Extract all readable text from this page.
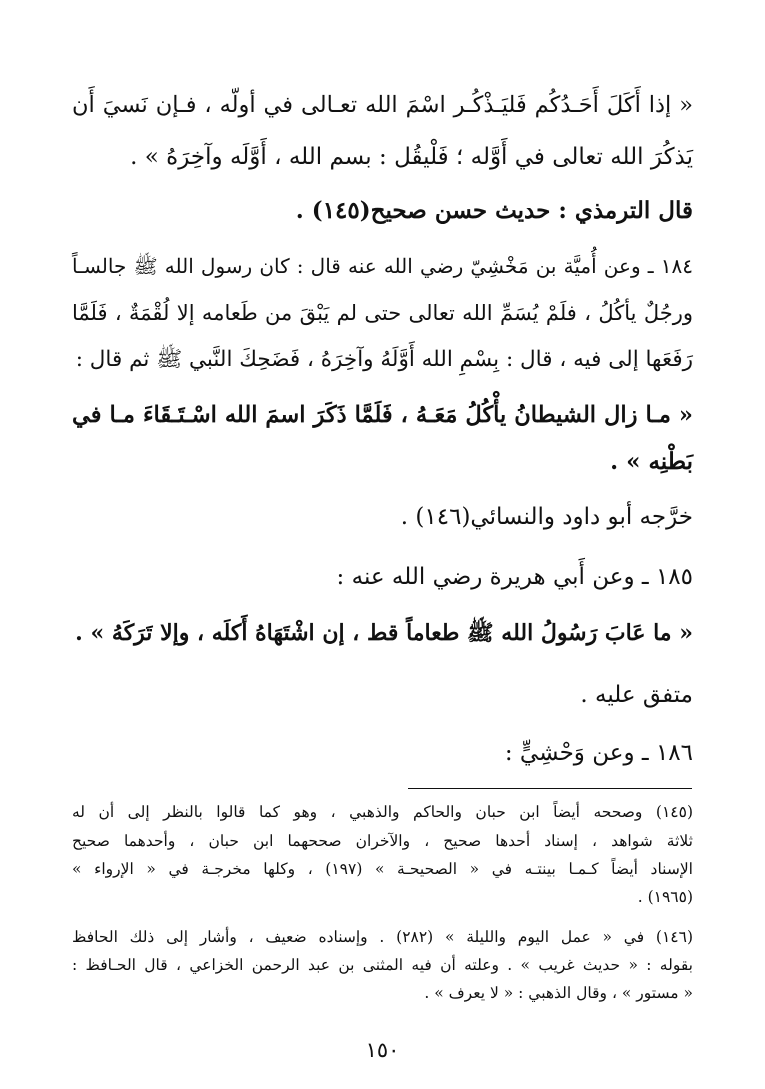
« إذا أَكَلَ أَحَـدُكُم فَليَـذْكُـر اسْمَ الله تعـالى في أولّه ، فـإن نَسيَ أَن
يَذكُرَ الله تعالى في أَوَّله ؛ فَلْيقُل : بسم الله ، أَوَّلَه وآخِرَهُ » .
قال الترمذي : حديث حسن صحيح(١٤٥) .
١٨٤ ـ وعن أُميَّة بن مَخْشِيّ رضي الله عنه قال : كان رسول الله ﷺ جالسـاً
ورجُلٌ يأكُلُ ، فلَمْ يُسَمِّ الله تعالى حتى لم يَبْقَ من طَعامه إلا لُقْمَةٌ ، فَلَمَّا
رَفَعَها إلى فيه ، قال : بِسْمِ الله أَوَّلَهُ وآخِرَهُ ، فَضَحِكَ النَّبي ﷺ ثم قال :
« مـا زال الشيطانُ يأْكُلُ مَعَـهُ ، فَلَمَّا ذَكَرَ اسمَ الله اسْـتَـقَاءَ مـا في
بَطْنِه » .
خرَّجه أبو داود والنسائي(١٤٦) .
١٨٥ ـ وعن أَبي هريرة رضي الله عنه :
« ما عَابَ رَسُولُ الله ﷺ طعاماً قط ، إن اشْتَهَاهُ أَكلَه ، وإلا تَرَكَهُ » .
متفق عليه .
١٨٦ ـ وعن وَحْشِيٍّ :
(١٤٥) وصححه أيضاً ابن حبان والحاكم والذهبي ، وهو كما قالوا بالنظر إلى أن له
ثلاثة شواهد ، إسناد أحدها صحيح ، والآخران صححهما ابن حبان ، وأحدهما صحيح
الإسناد أيضاً كـمـا بينتـه في « الصحيحـة » (١٩٧) ، وكلها مخرجـة في « الإرواء »
(١٩٦٥) .
(١٤٦) في « عمل اليوم والليلة » (٢٨٢) . وإسناده ضعيف ، وأشار إلى ذلك الحافظ
بقوله : « حديث غريب » . وعلته أن فيه المثنى بن عبد الرحمن الخزاعي ، قال الحـافظ :
« مستور » ، وقال الذهبي : « لا يعرف » .
١٥٠
